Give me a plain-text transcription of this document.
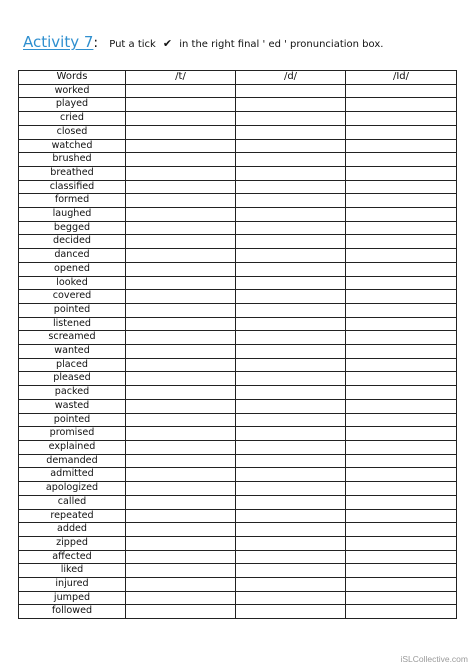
Activity 7: Put a tick ✔ in the right final ' ed ' pronunciation box.
Words	/t/	/d/	/Id/
worked			
played			
cried			
closed			
watched			
brushed			
breathed			
classified			
formed			
laughed			
begged			
decided			
danced			
opened			
looked			
covered			
pointed			
listened			
screamed			
wanted			
placed			
pleased			
packed			
wasted			
pointed			
promised			
explained			
demanded			
admitted			
apologized			
called			
repeated			
added			
zipped			
affected			
liked			
injured			
jumped			
followed			
iSLCollective.com
